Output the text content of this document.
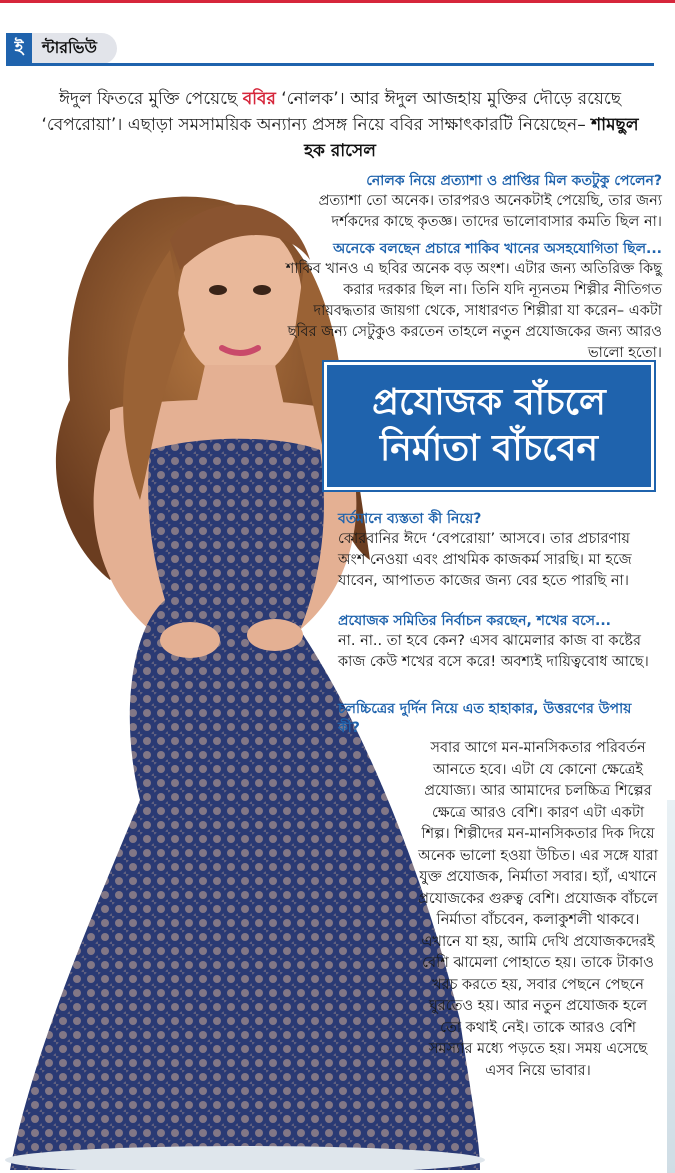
ই	ন্টারভিউ
ঈদুল ফিতরে মুক্তি পেয়েছে ববির ‘নোলক’। আর ঈদুল আজহায় মুক্তির দৌড়ে রয়েছে ‘বেপরোয়া’। এছাড়া সমসাময়িক অন্যান্য প্রসঙ্গ নিয়ে ববির সাক্ষাৎকারটি নিয়েছেন– শামছুল হক রাসেল
নোলক নিয়ে প্রত্যাশা ও প্রাপ্তির মিল কতটুকু পেলেন?
প্রত্যাশা তো অনেক। তারপরও অনেকটাই পেয়েছি, তার জন্য দর্শকদের কাছে কৃতজ্ঞ। তাদের ভালোবাসার কমতি ছিল না।
অনেকে বলছেন প্রচারে শাকিব খানের অসহযোগিতা ছিল...
শাকিব খানও এ ছবির অনেক বড় অংশ। এটার জন্য অতিরিক্ত কিছু করার দরকার ছিল না। তিনি যদি ন্যূনতম শিল্পীর নীতিগত দায়বদ্ধতার জায়গা থেকে, সাধারণত শিল্পীরা যা করেন– একটা ছবির জন্য সেটুকুও করতেন তাহলে নতুন প্রযোজকের জন্য আরও ভালো হতো।
প্রযোজক বাঁচলে
নির্মাতা বাঁচবেন
বর্তমানে ব্যস্ততা কী নিয়ে?
কোরবানির ঈদে ‘বেপরোয়া’ আসবে। তার প্রচারণায় অংশ নেওয়া এবং প্রাথমিক কাজকর্ম সারছি। মা হজে যাবেন, আপাতত কাজের জন্য বের হতে পারছি না।
প্রযোজক সমিতির নির্বাচন করছেন, শখের বসে...
না. না.. তা হবে কেন? এসব ঝামেলার কাজ বা কষ্টের কাজ কেউ শখের বসে করে! অবশ্যই দায়িত্ববোধ আছে।
চলচ্চিত্রের দুর্দিন নিয়ে এত হাহাকার, উত্তরণের উপায় কী?
সবার আগে মন-মানসিকতার পরিবর্তন আনতে হবে। এটা যে কোনো ক্ষেত্রেই প্রযোজ্য। আর আমাদের চলচ্চিত্র শিল্পের ক্ষেত্রে আরও বেশি। কারণ এটা একটা শিল্প। শিল্পীদের মন-মানসিকতার দিক দিয়ে অনেক ভালো হওয়া উচিত। এর সঙ্গে যারা যুক্ত প্রযোজক, নির্মাতা সবার। হ্যাঁ, এখানে প্রযোজকের গুরুত্ব বেশি। প্রযোজক বাঁচলে নির্মাতা বাঁচবেন, কলাকুশলী থাকবে। এখানে যা হয়, আমি দেখি প্রযোজকদেরই বেশি ঝামেলা পোহাতে হয়। তাকে টাকাও খরচ করতে হয়, সবার পেছনে পেছনে ঘুরতেও হয়। আর নতুন প্রযোজক হলে তো কথাই নেই। তাকে আরও বেশি সমস্যার মধ্যে পড়তে হয়। সময় এসেছে এসব নিয়ে ভাবার।
